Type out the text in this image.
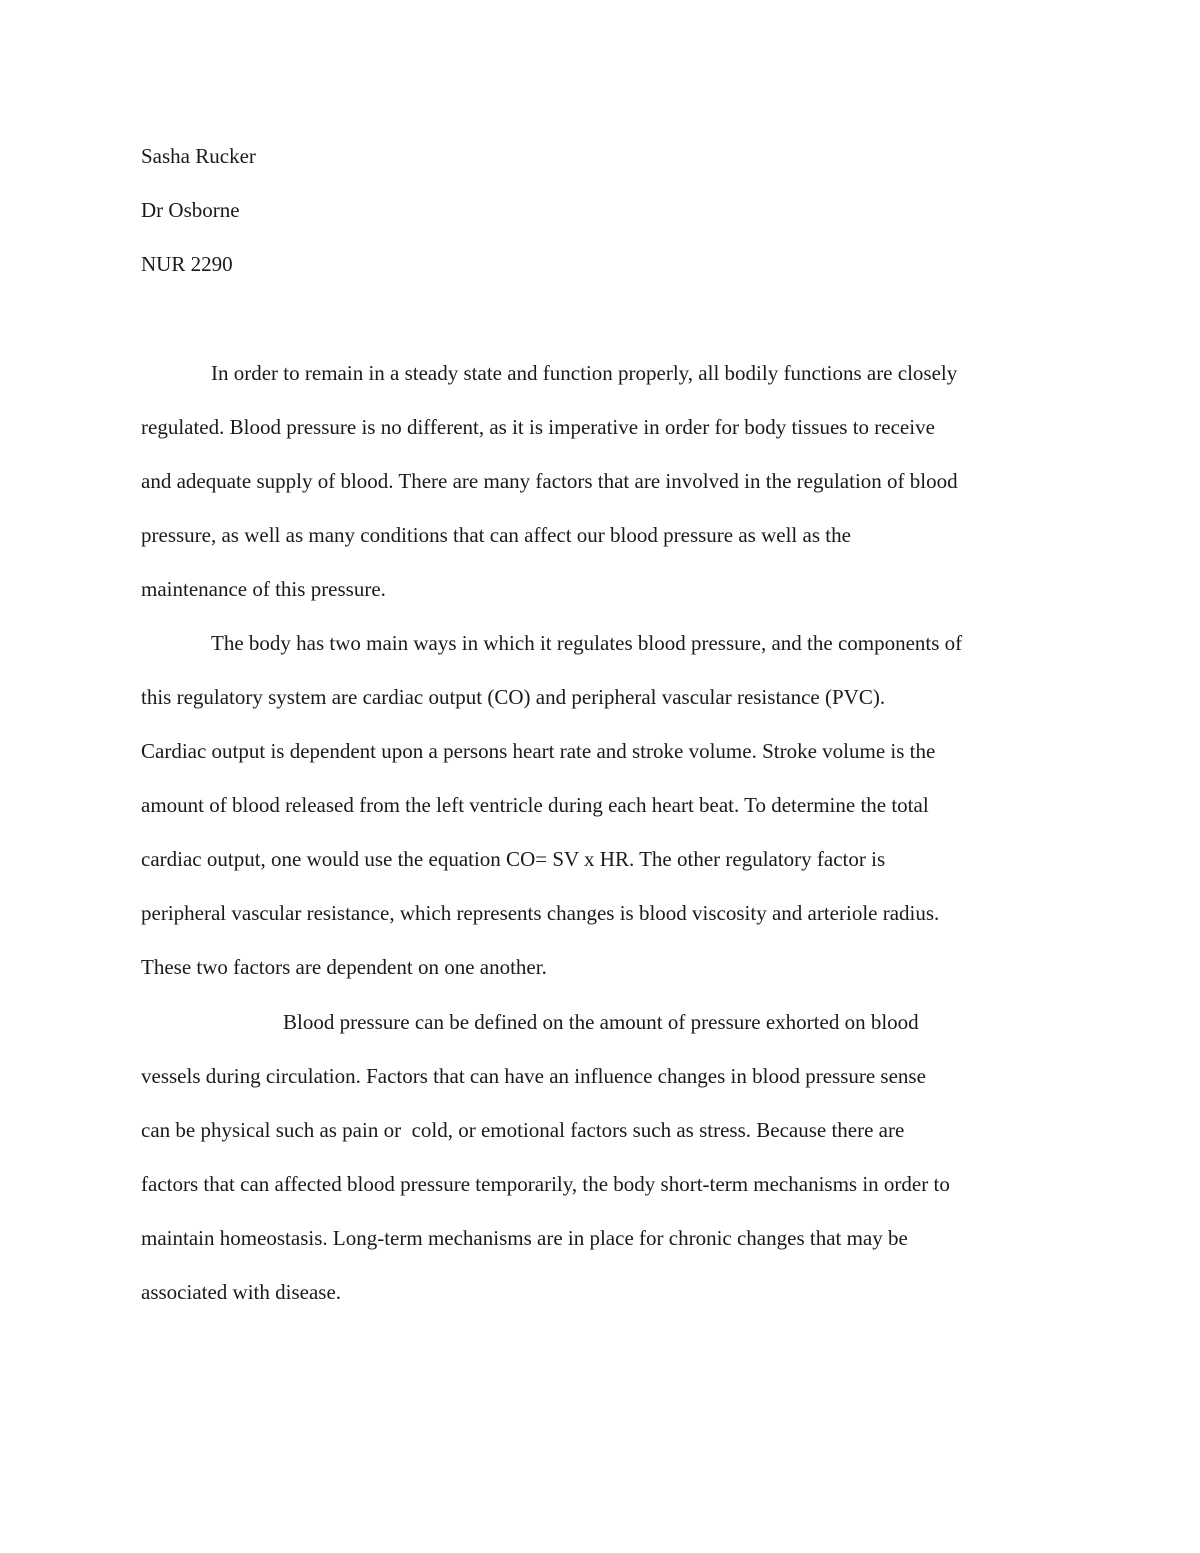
Sasha Rucker
Dr Osborne
NUR 2290
In order to remain in a steady state and function properly, all bodily functions are closely
regulated. Blood pressure is no different, as it is imperative in order for body tissues to receive
and adequate supply of blood. There are many factors that are involved in the regulation of blood
pressure, as well as many conditions that can affect our blood pressure as well as the
maintenance of this pressure.
The body has two main ways in which it regulates blood pressure, and the components of
this regulatory system are cardiac output (CO) and peripheral vascular resistance (PVC).
Cardiac output is dependent upon a persons heart rate and stroke volume. Stroke volume is the
amount of blood released from the left ventricle during each heart beat. To determine the total
cardiac output, one would use the equation CO= SV x HR. The other regulatory factor is
peripheral vascular resistance, which represents changes is blood viscosity and arteriole radius.
These two factors are dependent on one another.
Blood pressure can be defined on the amount of pressure exhorted on blood
vessels during circulation. Factors that can have an influence changes in blood pressure sense
can be physical such as pain or  cold, or emotional factors such as stress. Because there are
factors that can affected blood pressure temporarily, the body short-term mechanisms in order to
maintain homeostasis. Long-term mechanisms are in place for chronic changes that may be
associated with disease.
